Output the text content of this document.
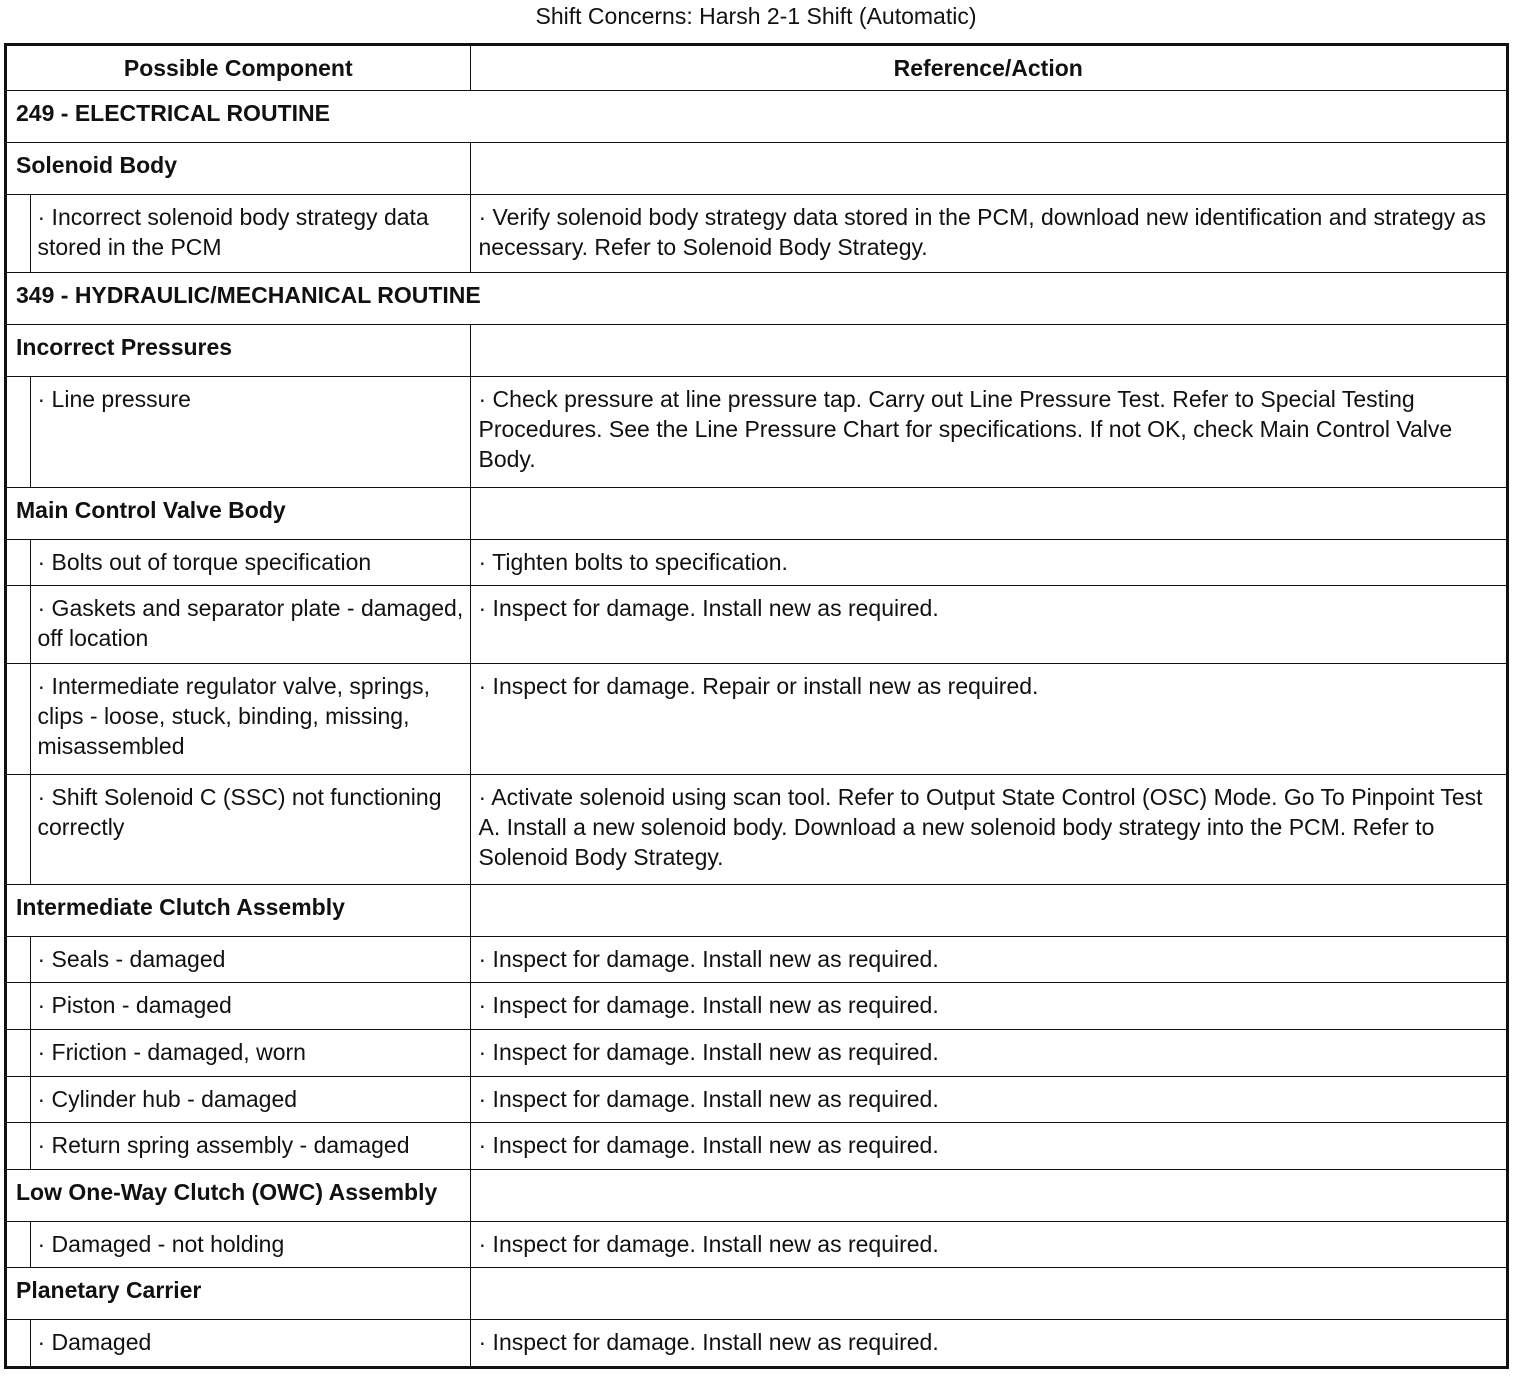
Shift Concerns: Harsh 2-1 Shift (Automatic)
Possible Component		Reference/Action
249 - ELECTRICAL ROUTINE		
Solenoid Body		
	· Incorrect solenoid body strategy data stored in the PCM	· Verify solenoid body strategy data stored in the PCM, download new identification and strategy as necessary. Refer to Solenoid Body Strategy.
349 - HYDRAULIC/MECHANICAL ROUTINE		
Incorrect Pressures		
	· Line pressure	· Check pressure at line pressure tap. Carry out Line Pressure Test. Refer to Special Testing Procedures. See the Line Pressure Chart for specifications. If not OK, check Main Control Valve Body.
Main Control Valve Body		
	· Bolts out of torque specification	· Tighten bolts to specification.
	· Gaskets and separator plate - damaged, off location	· Inspect for damage. Install new as required.
	· Intermediate regulator valve, springs, clips - loose, stuck, binding, missing, misassembled	· Inspect for damage. Repair or install new as required.
	· Shift Solenoid C (SSC) not functioning correctly	· Activate solenoid using scan tool. Refer to Output State Control (OSC) Mode. Go To Pinpoint Test A. Install a new solenoid body. Download a new solenoid body strategy into the PCM. Refer to Solenoid Body Strategy.
Intermediate Clutch Assembly		
	· Seals - damaged	· Inspect for damage. Install new as required.
	· Piston - damaged	· Inspect for damage. Install new as required.
	· Friction - damaged, worn	· Inspect for damage. Install new as required.
	· Cylinder hub - damaged	· Inspect for damage. Install new as required.
	· Return spring assembly - damaged	· Inspect for damage. Install new as required.
Low One-Way Clutch (OWC) Assembly		
	· Damaged - not holding	· Inspect for damage. Install new as required.
Planetary Carrier		
	· Damaged	· Inspect for damage. Install new as required.
